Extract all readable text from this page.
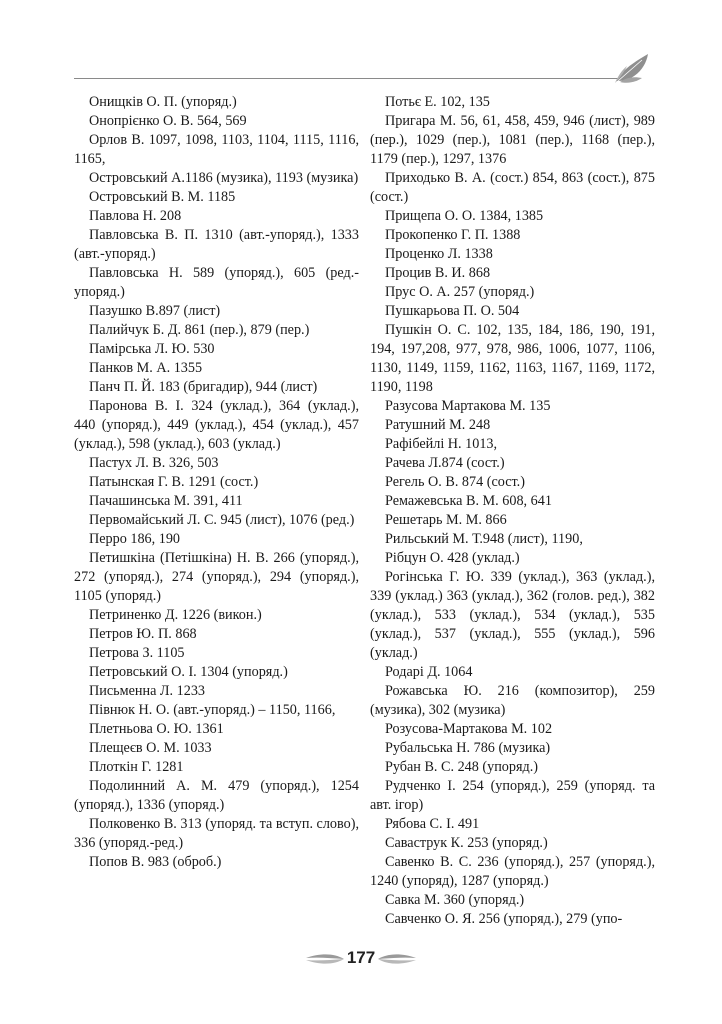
Онищків О. П. (упоряд.)
Онопрієнко О. В. 564, 569
Орлов В. 1097, 1098, 1103, 1104, 1115, 1116, 1165,
Островський А.1186 (музика), 1193 (музика)
Островський В. М. 1185
Павлова Н. 208
Павловська В. П. 1310 (авт.-упоряд.), 1333 (авт.-упоряд.)
Павловська Н. 589 (упоряд.), 605 (ред.-упоряд.)
Пазушко В.897 (лист)
Палийчук Б. Д. 861 (пер.), 879 (пер.)
Памірська Л. Ю. 530
Панков М. А. 1355
Панч П. Й. 183 (бригадир), 944 (лист)
Паронова В. І. 324 (уклад.), 364 (уклад.), 440 (упоряд.), 449 (уклад.), 454 (уклад.), 457 (уклад.), 598 (уклад.), 603 (уклад.)
Пастух Л. В. 326, 503
Патынская Г. В. 1291 (сост.)
Пачашинська М. 391, 411
Первомайський Л. С. 945 (лист), 1076 (ред.)
Перро 186, 190
Петишкіна (Петішкіна) Н. В. 266 (упоряд.), 272 (упоряд.), 274 (упоряд.), 294 (упоряд.), 1105 (упоряд.)
Петриненко Д. 1226 (викон.)
Петров Ю. П. 868
Петрова З. 1105
Петровський О. І. 1304 (упоряд.)
Письменна Л. 1233
Півнюк Н. О. (авт.-упоряд.) – 1150, 1166,
Плетньова О. Ю. 1361
Плещеєв О. М. 1033
Плоткін Г. 1281
Подолинний А. М. 479 (упоряд.), 1254 (упоряд.), 1336 (упоряд.)
Полковенко В. 313 (упоряд. та вступ. слово), 336 (упоряд.-ред.)
Попов В. 983 (оброб.)
Потьє Е. 102, 135
Пригара М. 56, 61, 458, 459, 946 (лист), 989 (пер.), 1029 (пер.), 1081 (пер.), 1168 (пер.), 1179 (пер.), 1297, 1376
Приходько В. А. (сост.) 854, 863 (сост.), 875 (сост.)
Прищепа О. О. 1384, 1385
Прокопенко Г. П. 1388
Проценко Л. 1338
Процив В. И. 868
Прус О. А. 257 (упоряд.)
Пушкарьова П. О. 504
Пушкін О. С. 102, 135, 184, 186, 190, 191, 194, 197,208, 977, 978, 986, 1006, 1077, 1106, 1130, 1149, 1159, 1162, 1163, 1167, 1169, 1172, 1190, 1198
Разусова Мартакова М. 135
Ратушний М. 248
Рафібейлі Н. 1013,
Рачева Л.874 (сост.)
Регель О. В. 874 (сост.)
Ремажевська В. М. 608, 641
Решетарь М. М. 866
Рильський М. Т.948 (лист), 1190,
Рібцун О. 428 (уклад.)
Рогінська Г. Ю. 339 (уклад.), 363 (уклад.), 339 (уклад.) 363 (уклад.), 362 (голов. ред.), 382 (уклад.), 533 (уклад.), 534 (уклад.), 535 (уклад.), 537 (уклад.), 555 (уклад.), 596 (уклад.)
Родарі Д. 1064
Рожавська Ю. 216 (композитор), 259 (музика), 302 (музика)
Розусова-Мартакова М. 102
Рубальська Н. 786 (музика)
Рубан В. С. 248 (упоряд.)
Рудченко І. 254 (упоряд.), 259 (упоряд. та авт. ігор)
Рябова С. І. 491
Саваструк К. 253 (упоряд.)
Савенко В. С. 236 (упоряд.), 257 (упоряд.), 1240 (упоряд), 1287 (упоряд.)
Савка М. 360 (упоряд.)
Савченко О. Я. 256 (упоряд.), 279 (упо-
177
